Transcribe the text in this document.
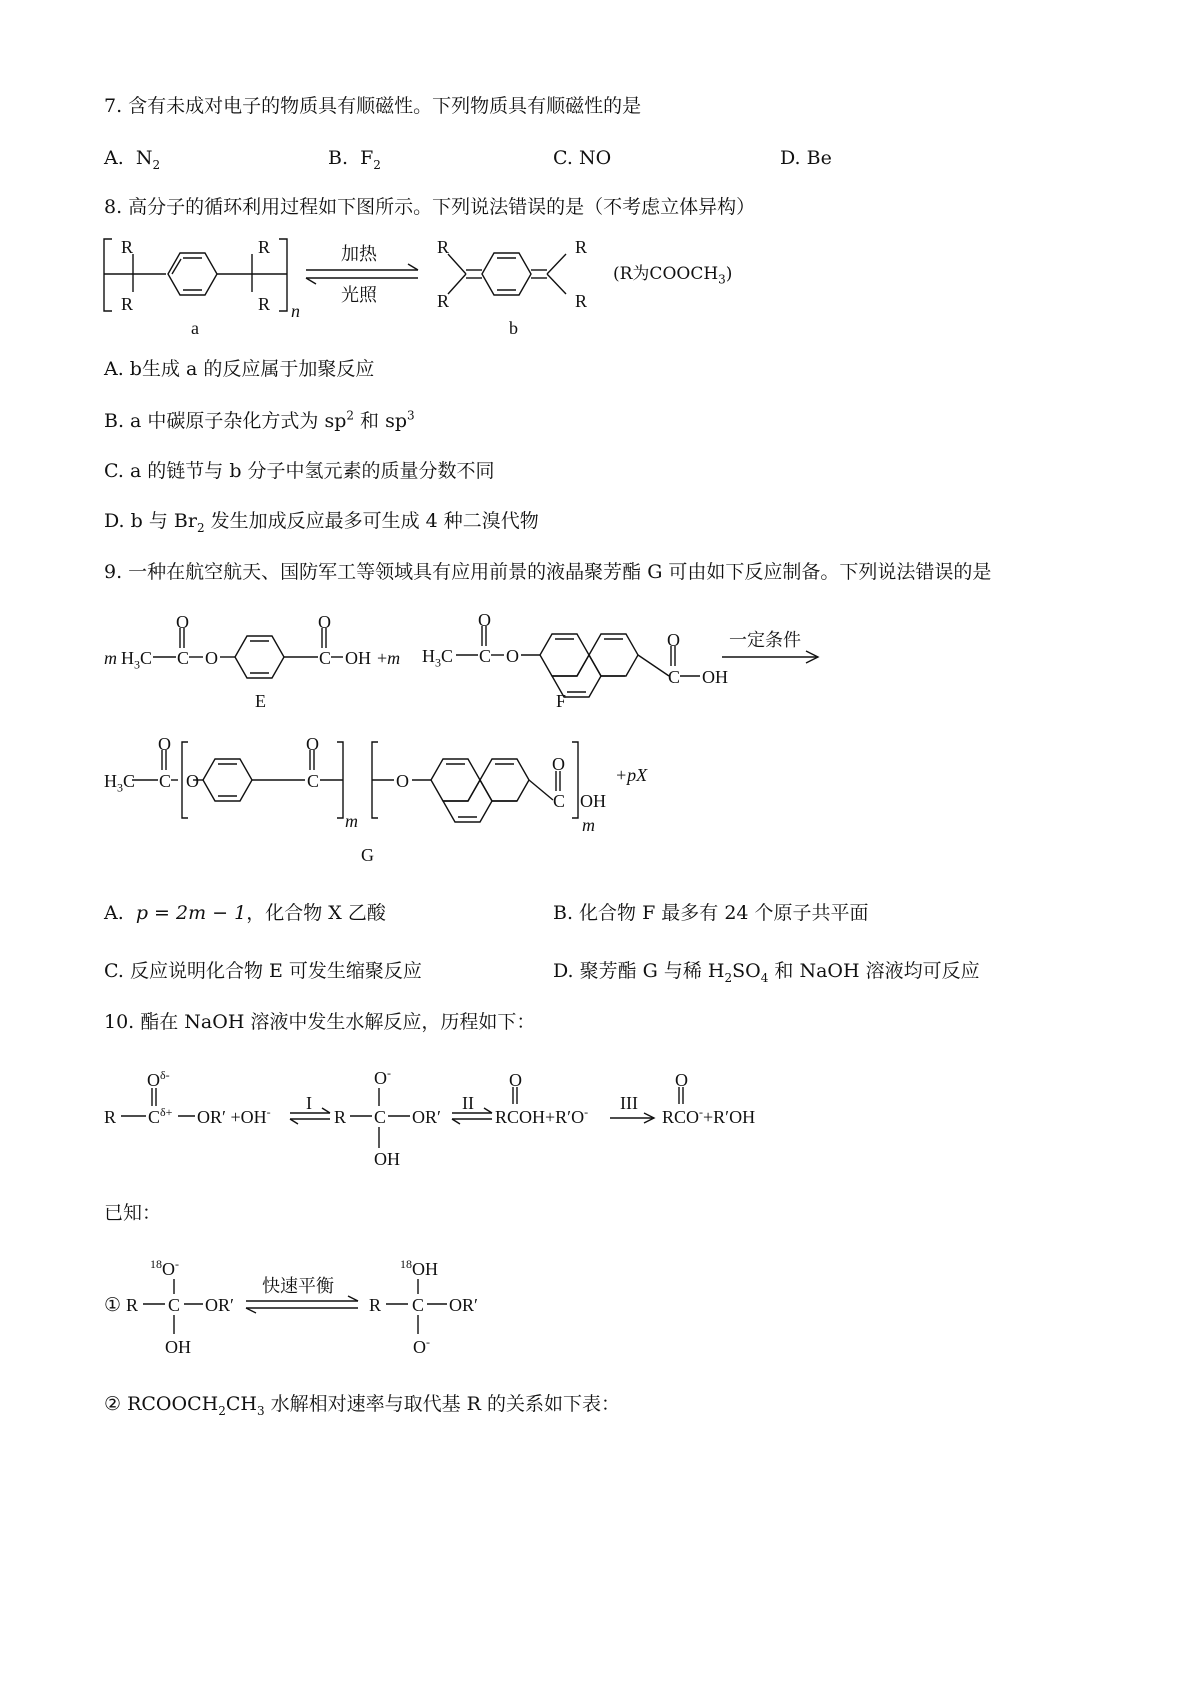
7. 含有未成对电子的物质具有顺磁性。下列物质具有顺磁性的是
A. $N_2$	B. $F_2$	C. NO	D. Be
8. 高分子的循环利用过程如下图所示。下列说法错误的是（不考虑立体异构）
R
R
R
R n
a
加热
光照
R
R
R
R
b
(R为$COOCH_3$)
A. b生成 a 的反应属于加聚反应
B. a 中碳原子杂化方式为 $sp^2$ 和 $sp^3$
C. a 的链节与 b 分子中氢元素的质量分数不同
D. b 与 $Br_2$ 发生加成反应最多可生成 4 种二溴代物
9. 一种在航空航天、国防军工等领域具有应用前景的液晶聚芳酯 G 可由如下反应制备。下列说法错误的是
m $H_3C$
O
C O
O
C OH
E
+m $H_3C$
O
C O
O
C OH
F
一定条件
$H_3C$
O
C O
O
C
m
O
O
C OH
m
+pX
G
A. p = 2m − 1，化合物 X 乙酸	B. 化合物 F 最多有 24 个原子共平面
C. 反应说明化合物 E 可发生缩聚反应	D. 聚芳酯 G 与稀 $H_2SO_4$ 和 NaOH 溶液均可反应
10. 酯在 NaOH 溶液中发生水解反应，历程如下：
R
$O^{\delta-}$
$C^{\delta+}$ OR′ +OH- I
R
O-
C OR′
OH
II
O
RCOH+R′O- III
O
RCO-+R′OH
已知：
① R
$^{18}$O-
C OR′
OH
快速平衡
R
$^{18}$OH
C OR′
O-
② $RCOOCH_2CH_3$ 水解相对速率与取代基 R 的关系如下表：
